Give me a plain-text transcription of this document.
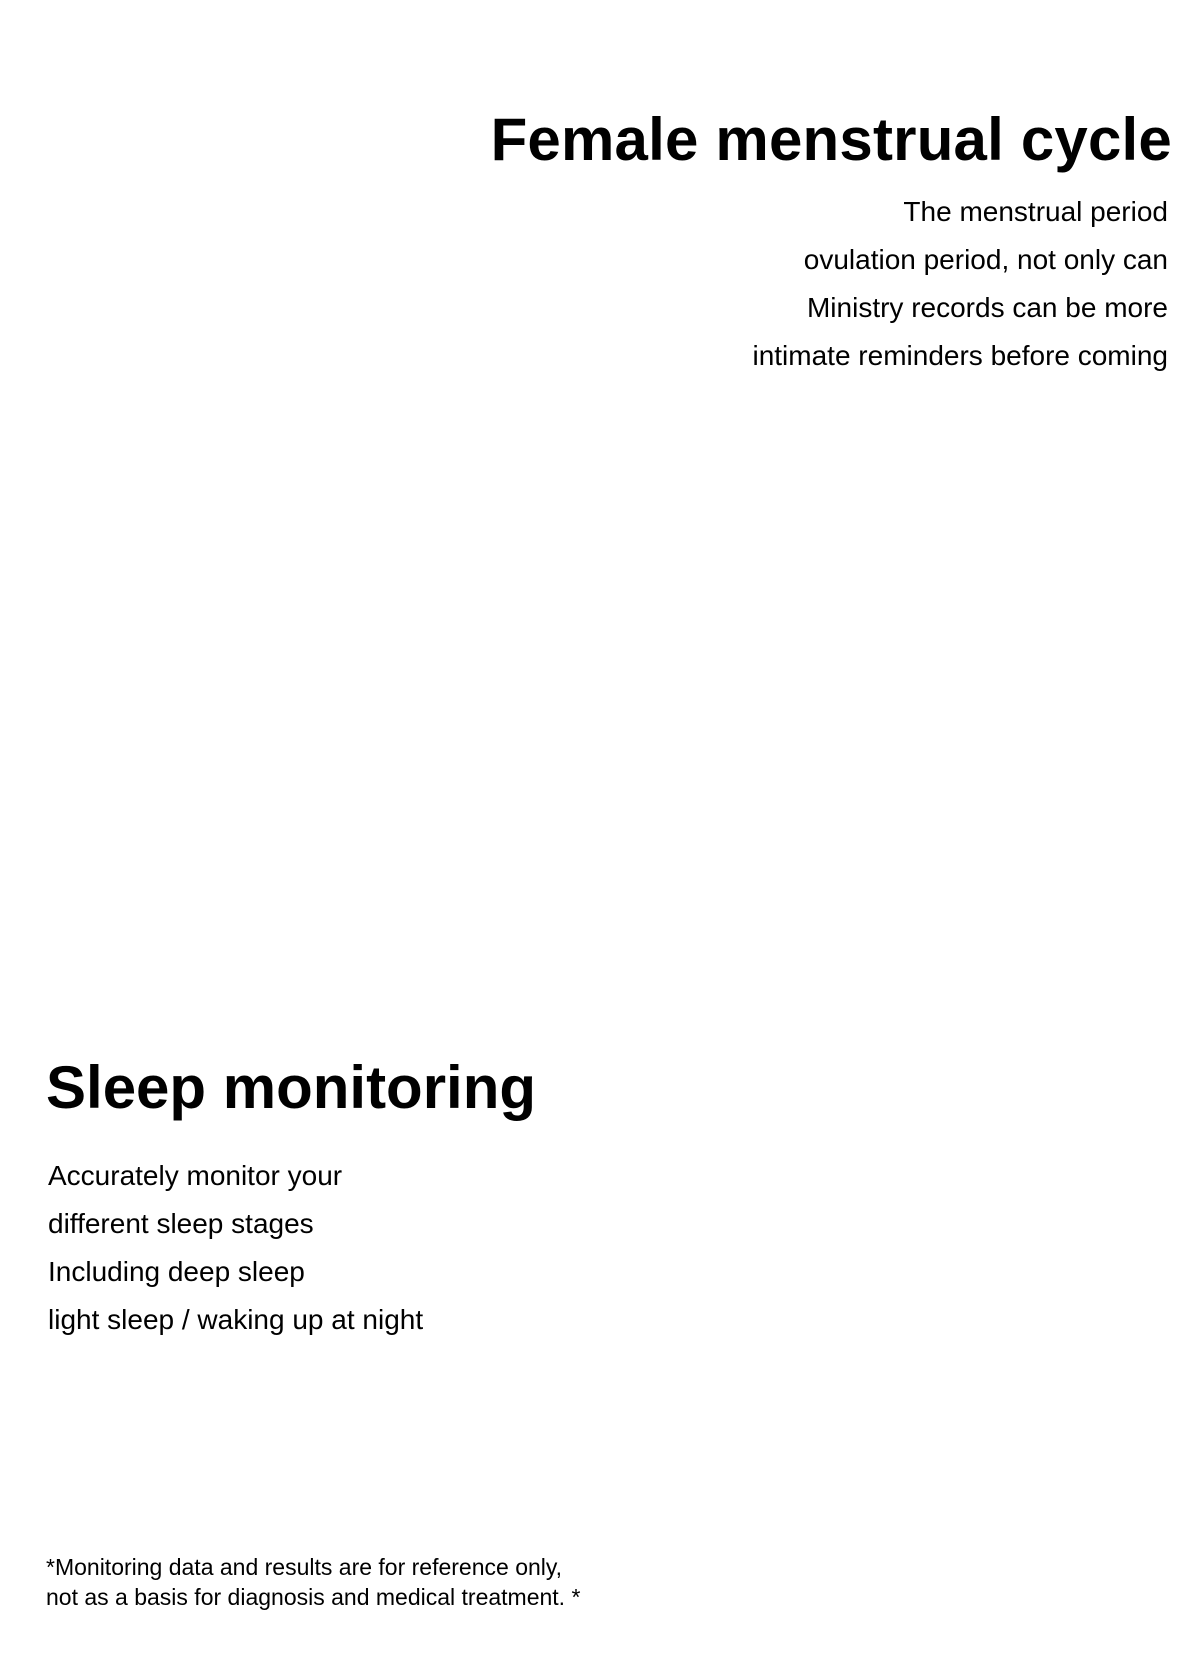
Female menstrual cycle
The menstrual period
ovulation period, not only can
Ministry records can be more
intimate reminders before coming
Sleep monitoring
Accurately monitor your
different sleep stages
Including deep sleep
light sleep / waking up at night
*Monitoring data and results are for reference only,
not as a basis for diagnosis and medical treatment. *
